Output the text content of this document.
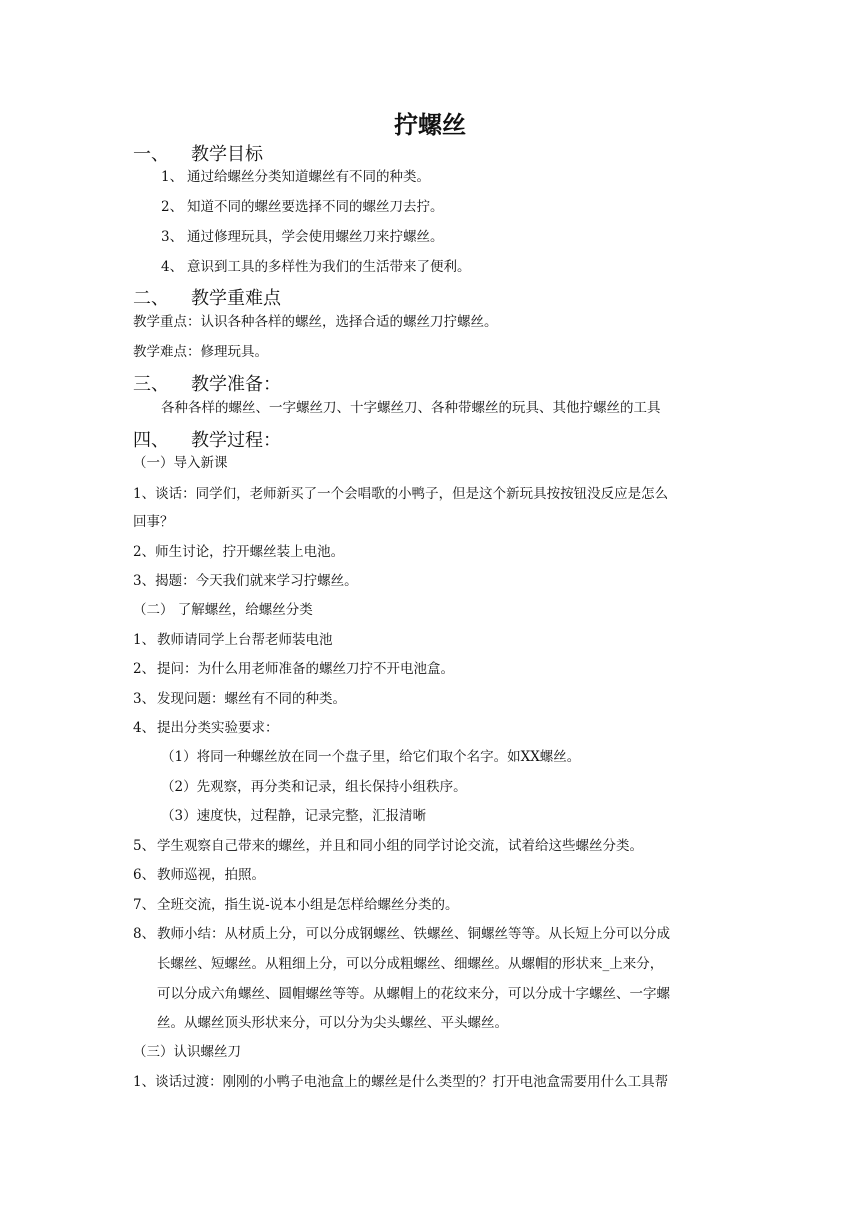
拧螺丝
一、 教学目标
1、 通过给螺丝分类知道螺丝有不同的种类。
2、 知道不同的螺丝要选择不同的螺丝刀去拧。
3、 通过修理玩具，学会使用螺丝刀来拧螺丝。
4、 意识到工具的多样性为我们的生活带来了便利。
二、 教学重难点
教学重点：认识各种各样的螺丝，选择合适的螺丝刀拧螺丝。
教学难点：修理玩具。
三、 教学准备：
各种各样的螺丝、一字螺丝刀、十字螺丝刀、各种带螺丝的玩具、其他拧螺丝的工具
四、 教学过程：
（一）导入新课
1、谈话：同学们，老师新买了一个会唱歌的小鸭子，但是这个新玩具按按钮没反应是怎么
回事？
2、师生讨论，拧开螺丝装上电池。
3、揭题：今天我们就来学习拧螺丝。
（二） 了解螺丝，给螺丝分类
1、 教师请同学上台帮老师装电池
2、 提问：为什么用老师准备的螺丝刀拧不开电池盒。
3、 发现问题：螺丝有不同的种类。
4、 提出分类实验要求：
（1）将同一种螺丝放在同一个盘子里，给它们取个名字。如XX螺丝。
（2）先观察，再分类和记录，组长保持小组秩序。
（3）速度快，过程静，记录完整，汇报清晰
5、 学生观察自己带来的螺丝，并且和同小组的同学讨论交流，试着给这些螺丝分类。
6、 教师巡视，拍照。
7、 全班交流，指生说-说本小组是怎样给螺丝分类的。
8、 教师小结：从材质上分，可以分成钢螺丝、铁螺丝、铜螺丝等等。从长短上分可以分成
长螺丝、短螺丝。从粗细上分，可以分成粗螺丝、细螺丝。从螺帽的形状来_上来分，
可以分成六角螺丝、圆帽螺丝等等。从螺帽上的花纹来分，可以分成十字螺丝、一字螺
丝。从螺丝顶头形状来分，可以分为尖头螺丝、平头螺丝。
（三）认识螺丝刀
1、谈话过渡：刚刚的小鸭子电池盒上的螺丝是什么类型的？打开电池盒需要用什么工具帮
